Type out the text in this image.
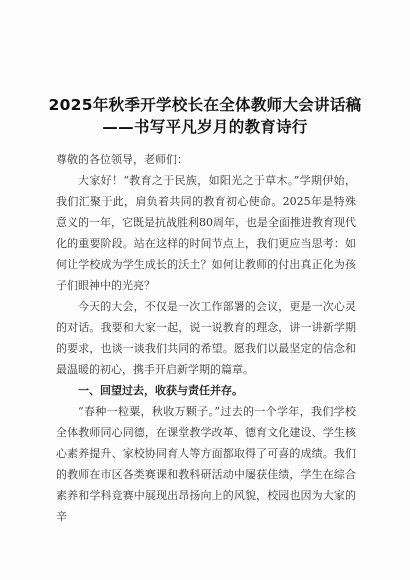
2025年秋季开学校长在全体教师大会讲话稿
——书写平凡岁月的教育诗行

尊敬的各位领导，老师们：

大家好！“教育之于民族，如阳光之于草木。”学期伊始，我们汇聚于此，肩负着共同的教育初心使命。2025年是特殊意义的一年，它既是抗战胜利80周年，也是全面推进教育现代化的重要阶段。站在这样的时间节点上，我们更应当思考：如何让学校成为学生成长的沃土？如何让教师的付出真正化为孩子们眼神中的光亮？

今天的大会，不仅是一次工作部署的会议，更是一次心灵的对话。我要和大家一起，说一说教育的理念，讲一讲新学期的要求，也谈一谈我们共同的希望。愿我们以最坚定的信念和最温暖的初心，携手开启新学期的篇章。

一、回望过去，收获与责任并存。

“春种一粒粟，秋收万颗子。”过去的一个学年，我们学校全体教师同心同德，在课堂教学改革、德育文化建设、学生核心素养提升、家校协同育人等方面都取得了可喜的成绩。我们的教师在市区各类赛课和教科研活动中屡获佳绩，学生在综合素养和学科竞赛中展现出昂扬向上的风貌，校园也因为大家的辛
